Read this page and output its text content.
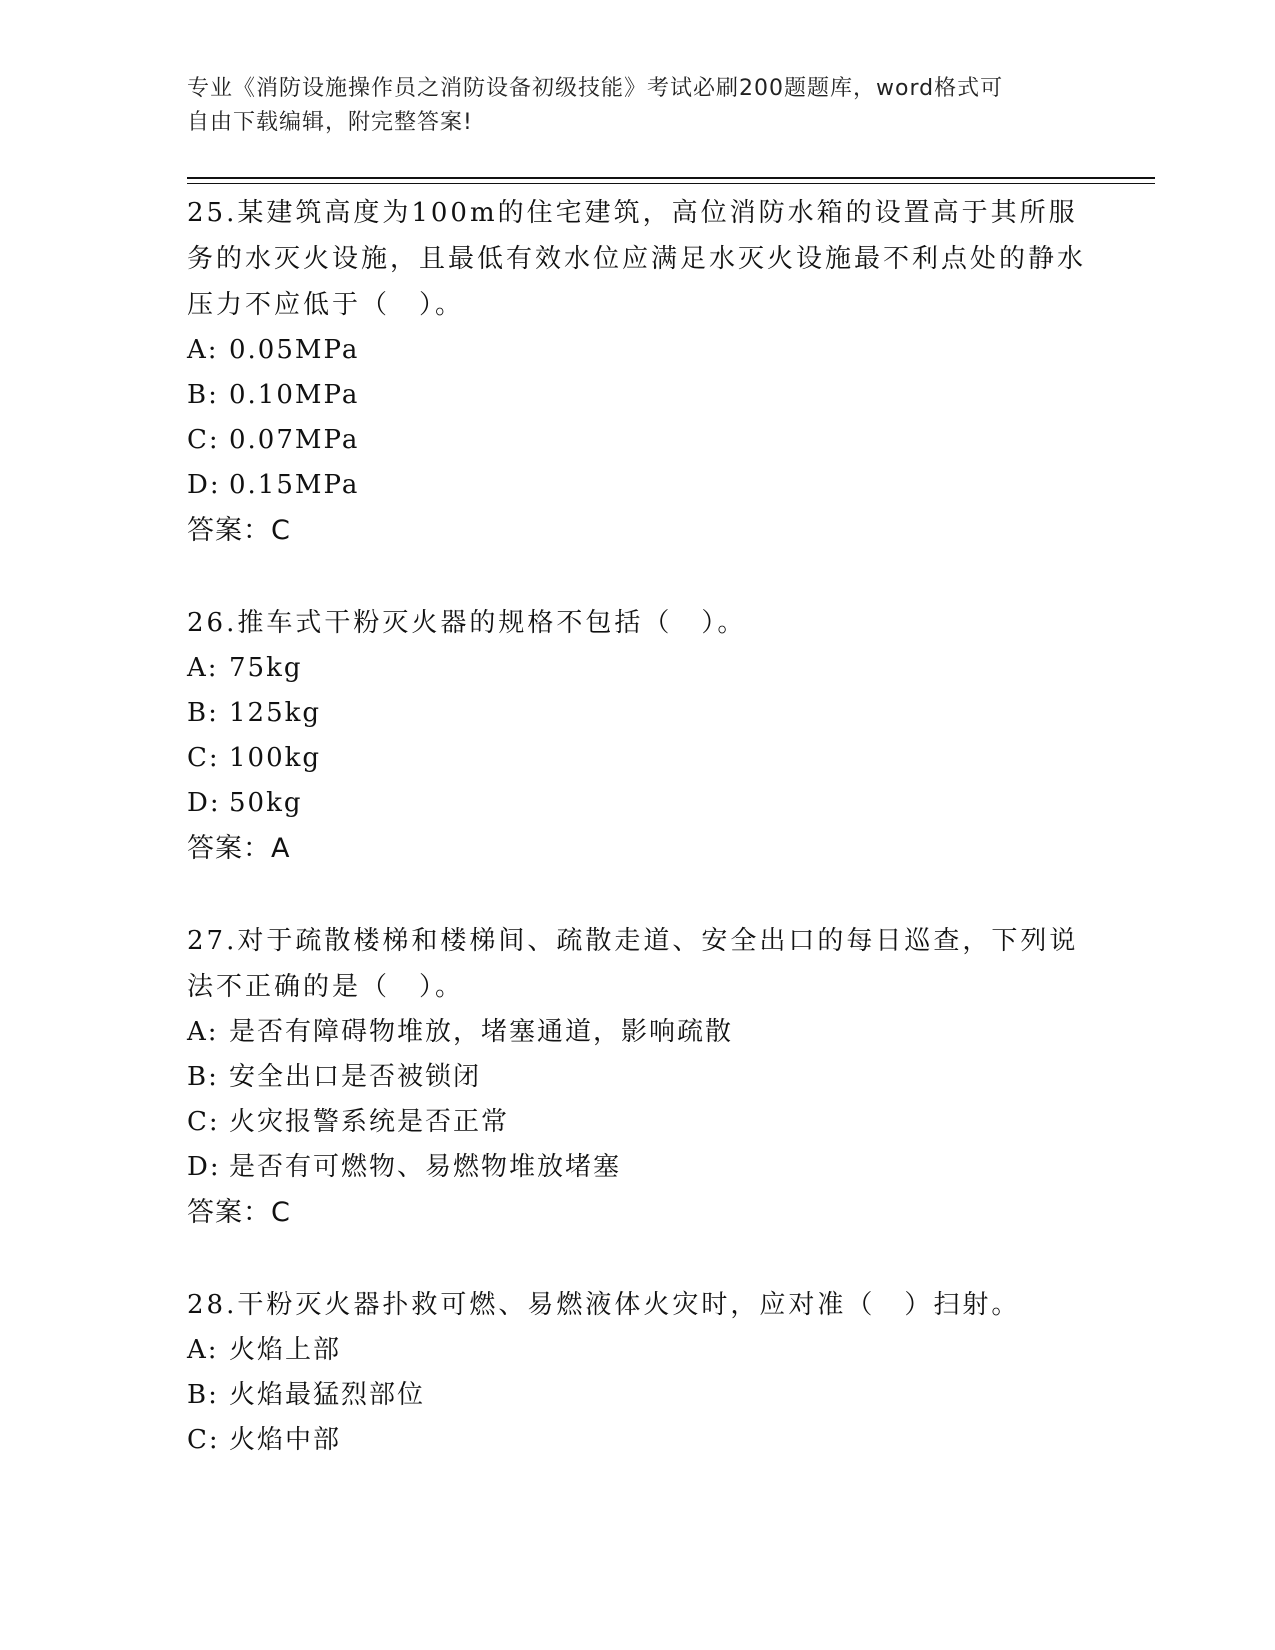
专业《消防设施操作员之消防设备初级技能》考试必刷200题题库，word格式可
自由下载编辑，附完整答案!
25.某建筑高度为100m的住宅建筑，高位消防水箱的设置高于其所服务的水灭火设施，且最低有效水位应满足水灭火设施最不利点处的静水压力不应低于（　）。
A: 0.05MPa
B: 0.10MPa
C: 0.07MPa
D: 0.15MPa
答案：C
26.推车式干粉灭火器的规格不包括（　）。
A: 75kg
B: 125kg
C: 100kg
D: 50kg
答案：A
27.对于疏散楼梯和楼梯间、疏散走道、安全出口的每日巡查，下列说法不正确的是（　）。
A: 是否有障碍物堆放，堵塞通道，影响疏散
B: 安全出口是否被锁闭
C: 火灾报警系统是否正常
D: 是否有可燃物、易燃物堆放堵塞
答案：C
28.干粉灭火器扑救可燃、易燃液体火灾时，应对准（　）扫射。
A: 火焰上部
B: 火焰最猛烈部位
C: 火焰中部
